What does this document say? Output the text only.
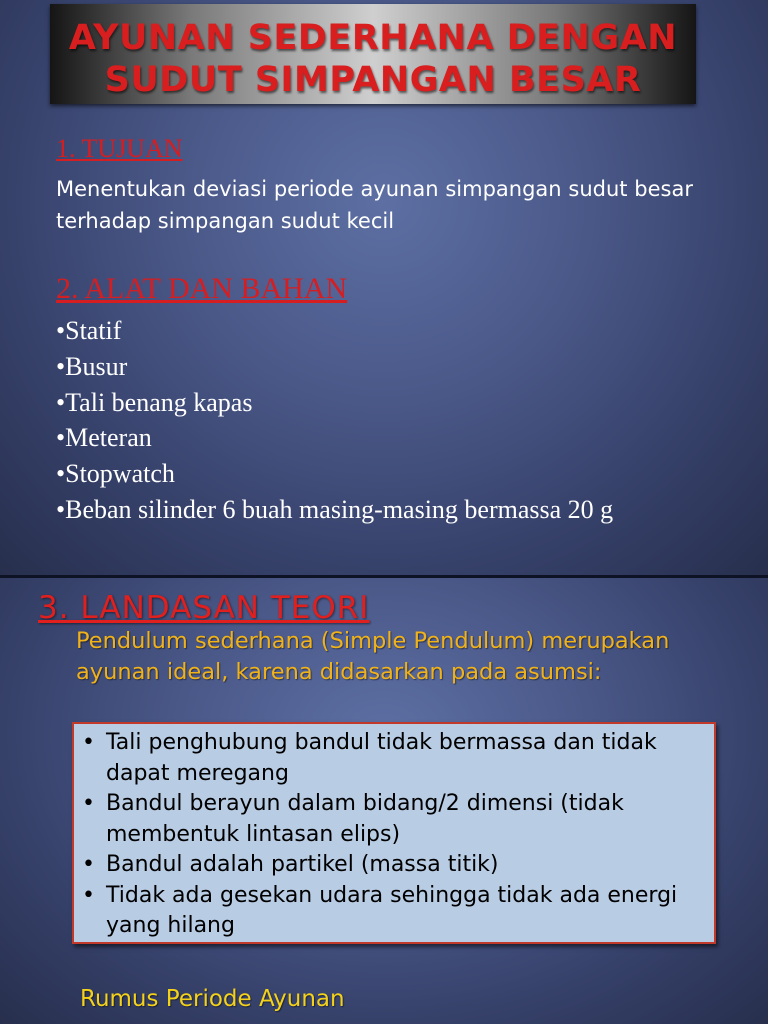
AYUNAN SEDERHANA DENGAN
SUDUT SIMPANGAN BESAR
1. TUJUAN
Menentukan deviasi periode ayunan simpangan sudut besar terhadap simpangan sudut kecil
2. ALAT DAN BAHAN
•Statif
•Busur
•Tali benang kapas
•Meteran
•Stopwatch
•Beban silinder 6 buah masing-masing bermassa 20 g
3. LANDASAN TEORI
Pendulum sederhana (Simple Pendulum) merupakan ayunan ideal, karena didasarkan pada asumsi:
• Tali penghubung bandul tidak bermassa dan tidak dapat meregang
• Bandul berayun dalam bidang/2 dimensi (tidak membentuk lintasan elips)
• Bandul adalah partikel (massa titik)
• Tidak ada gesekan udara sehingga tidak ada energi yang hilang
Rumus Periode Ayunan
